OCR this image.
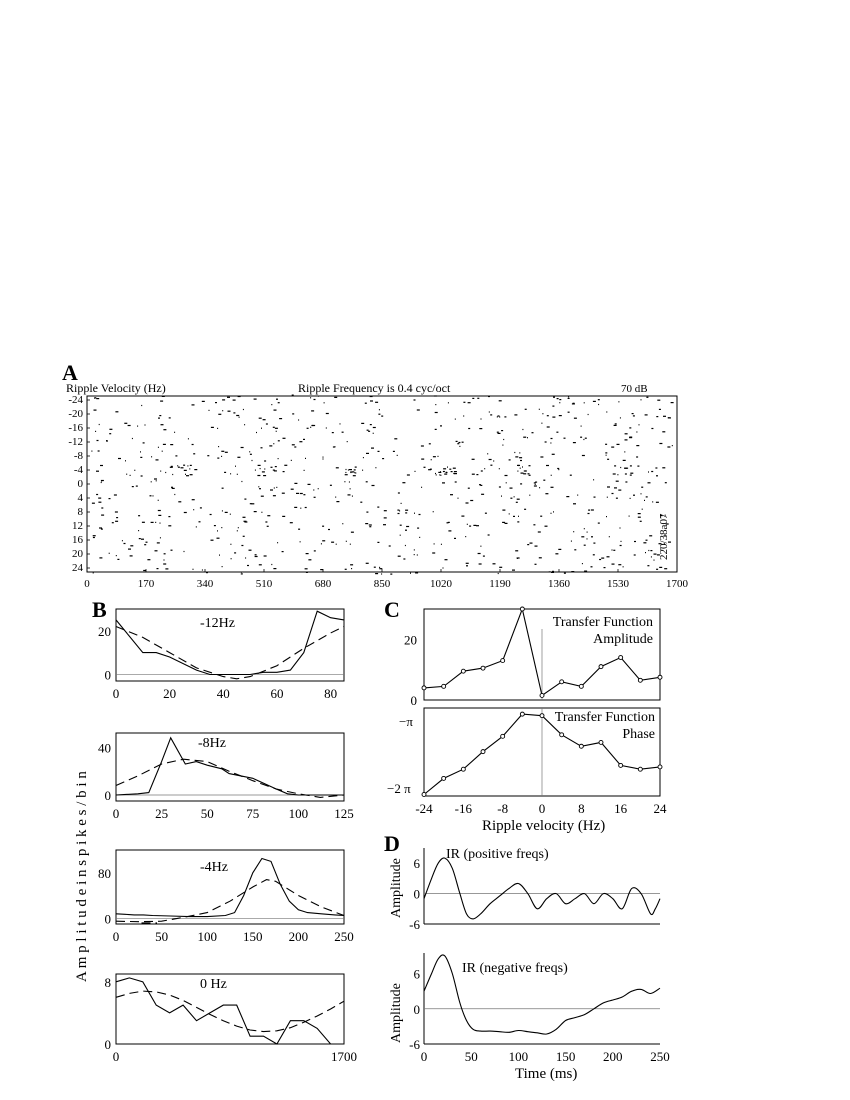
A
Ripple Velocity (Hz)	Ripple Frequency is 0.4 cyc/oct	70 dB
-24
-20
-16
-12
-8
-4
0
4
8
12
16
20
24
0	170	340	510	680	850	1020	1190	1360	1530	1700
220/38a07
B
A m p l i t u d e i n s p i k e s / b i n
0
20
0	20	40	60	80
-12Hz
0
40
0	25	50	75 100 125
-8Hz
0
80
0	50 100 150 200 250
-4Hz
0
8
0	1700
0 Hz
C
0
20
Transfer Function
Amplitude
-24 -16 -8 0	8 16 24
Transfer Function
Phase
Ripple velocity (Hz)
−π
−2 π
D
Amplitude
Amplitude
6
0
-6
IR (positive freqs)
6
0
-6
0	50 100 150 200 250
IR (negative freqs)
Time (ms)
